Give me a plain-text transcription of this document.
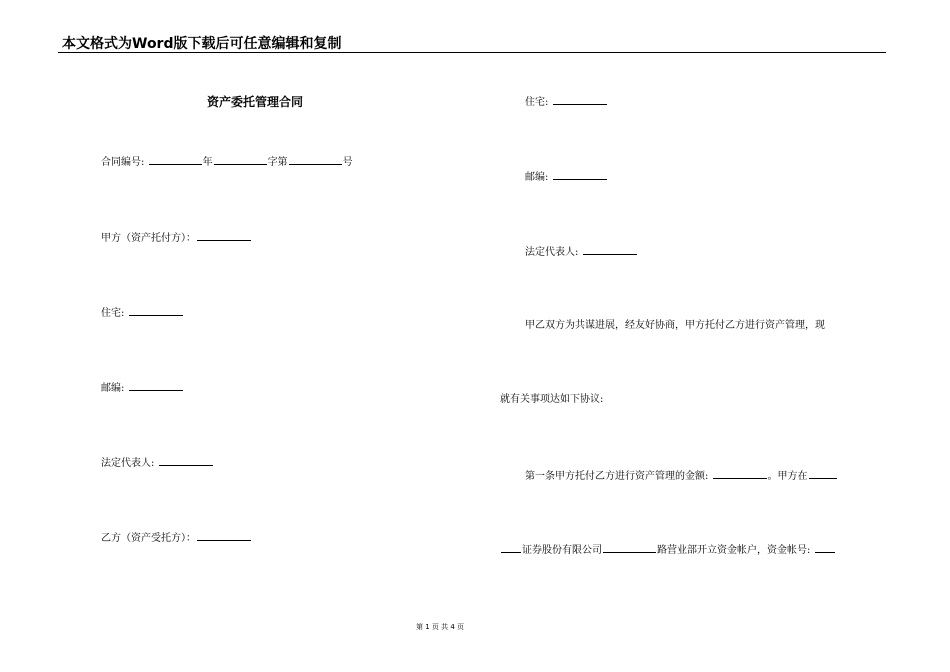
本文格式为Word版下载后可任意编辑和复制
资产委托管理合同
合同编号:	年	字第	号
甲方（资产托付方）：
住宅:
邮编:
法定代表人:
乙方（资产受托方）：
住宅:
邮编:
法定代表人:
甲乙双方为共谋进展，经友好协商，甲方托付乙方进行资产管理，现
就有关事项达如下协议:
第一条甲方托付乙方进行资产管理的金额:	。甲方在
证券股份有限公司	路营业部开立资金帐户，资金帐号:
第 1 页 共 4 页
